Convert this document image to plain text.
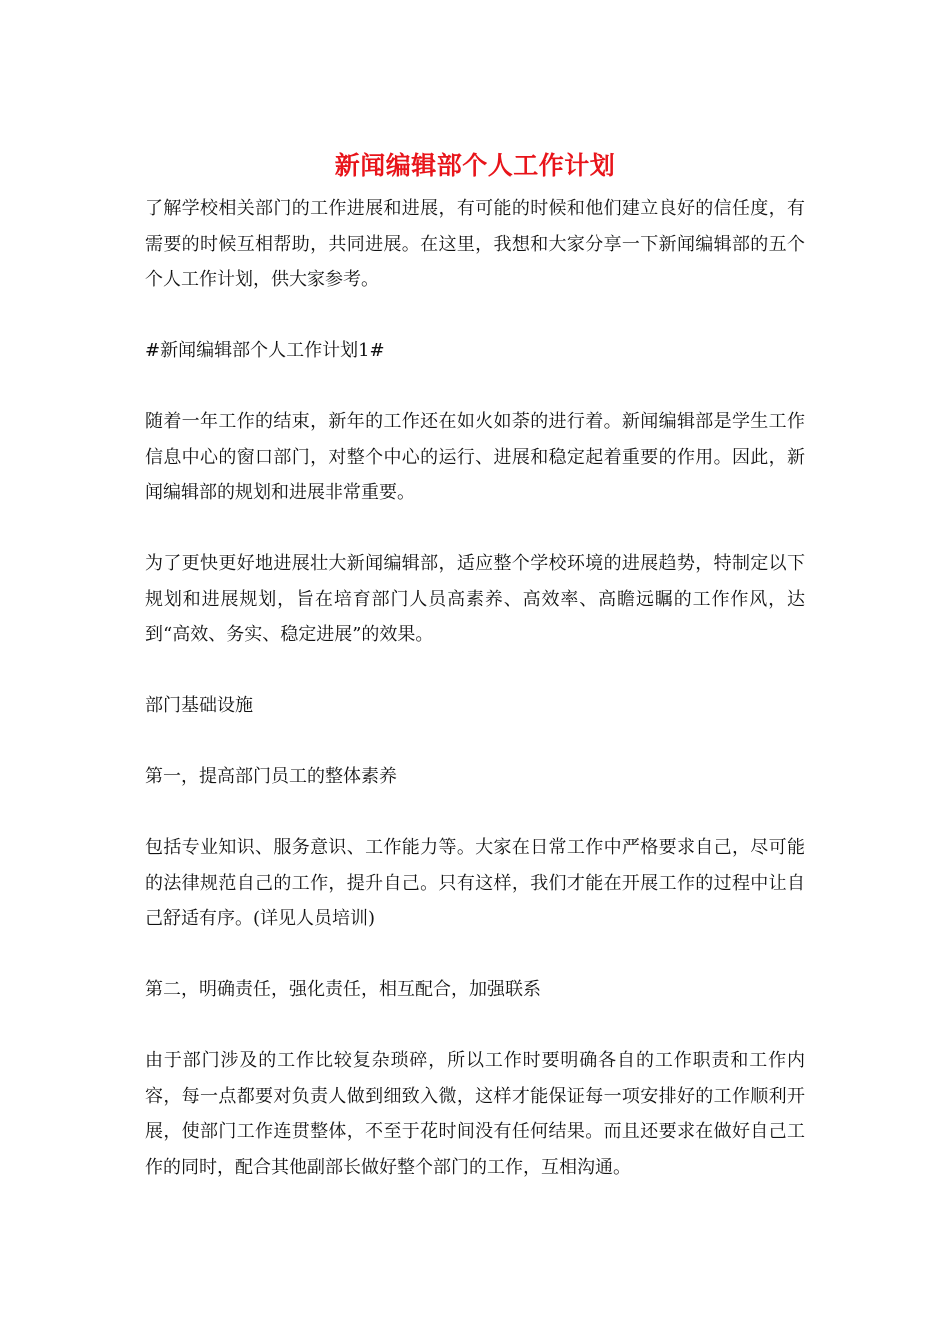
新闻编辑部个人工作计划

了解学校相关部门的工作进展和进展，有可能的时候和他们建立良好的信任度，有需要的时候互相帮助，共同进展。在这里，我想和大家分享一下新闻编辑部的五个个人工作计划，供大家参考。

#新闻编辑部个人工作计划1#

随着一年工作的结束，新年的工作还在如火如荼的进行着。新闻编辑部是学生工作信息中心的窗口部门，对整个中心的运行、进展和稳定起着重要的作用。因此，新闻编辑部的规划和进展非常重要。

为了更快更好地进展壮大新闻编辑部，适应整个学校环境的进展趋势，特制定以下规划和进展规划，旨在培育部门人员高素养、高效率、高瞻远瞩的工作作风，达到“高效、务实、稳定进展”的效果。

部门基础设施

第一，提高部门员工的整体素养

包括专业知识、服务意识、工作能力等。大家在日常工作中严格要求自己，尽可能的法律规范自己的工作，提升自己。只有这样，我们才能在开展工作的过程中让自己舒适有序。(详见人员培训)

第二，明确责任，强化责任，相互配合，加强联系

由于部门涉及的工作比较复杂琐碎，所以工作时要明确各自的工作职责和工作内容，每一点都要对负责人做到细致入微，这样才能保证每一项安排好的工作顺利开展，使部门工作连贯整体，不至于花时间没有任何结果。而且还要求在做好自己工作的同时，配合其他副部长做好整个部门的工作，互相沟通。
